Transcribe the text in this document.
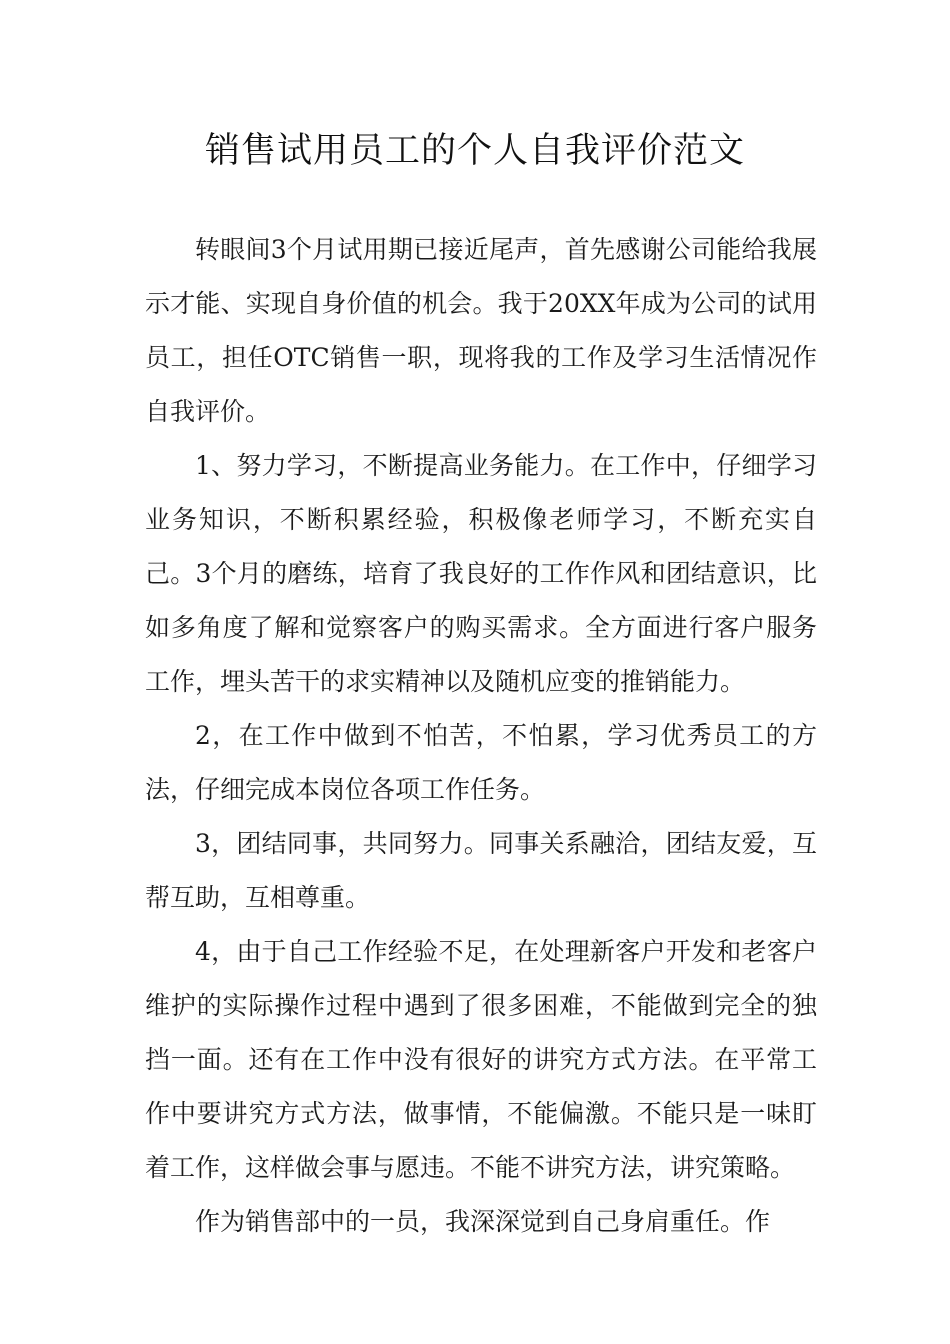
销售试用员工的个人自我评价范文

转眼间3个月试用期已接近尾声，首先感谢公司能给我展示才能、实现自身价值的机会。我于20XX年成为公司的试用员工，担任OTC销售一职，现将我的工作及学习生活情况作自我评价。

1、努力学习，不断提高业务能力。在工作中，仔细学习业务知识，不断积累经验，积极像老师学习，不断充实自己。3个月的磨练，培育了我良好的工作作风和团结意识，比如多角度了解和觉察客户的购买需求。全方面进行客户服务工作，埋头苦干的求实精神以及随机应变的推销能力。

2，在工作中做到不怕苦，不怕累，学习优秀员工的方法，仔细完成本岗位各项工作任务。

3，团结同事，共同努力。同事关系融洽，团结友爱，互帮互助，互相尊重。

4，由于自己工作经验不足，在处理新客户开发和老客户维护的实际操作过程中遇到了很多困难，不能做到完全的独挡一面。还有在工作中没有很好的讲究方式方法。在平常工作中要讲究方式方法，做事情，不能偏激。不能只是一味盯着工作，这样做会事与愿违。不能不讲究方法，讲究策略。

作为销售部中的一员，我深深觉到自己身肩重任。作
